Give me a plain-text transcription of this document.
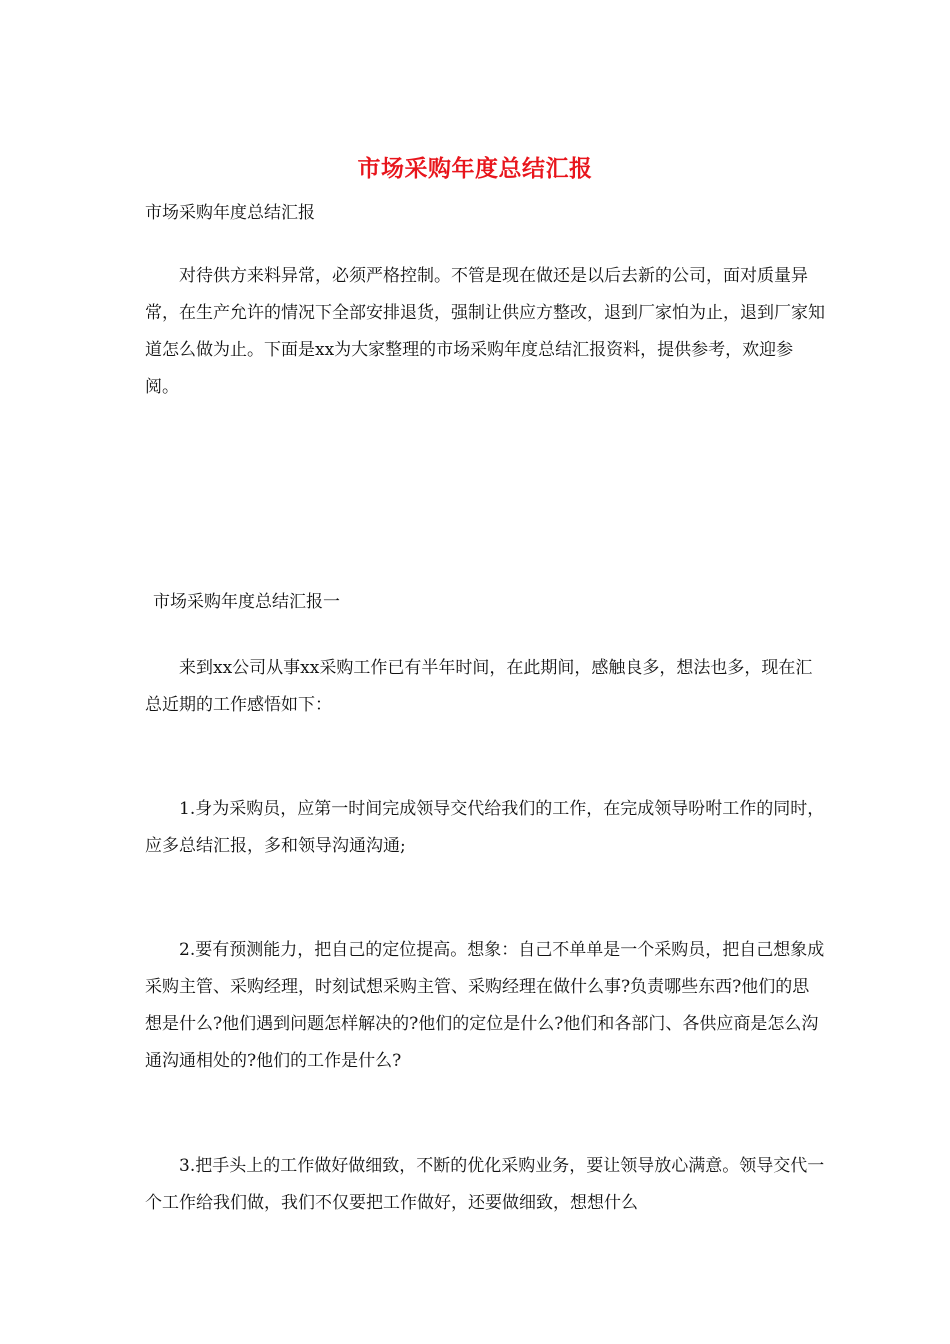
市场采购年度总结汇报
市场采购年度总结汇报

对待供方来料异常，必须严格控制。不管是现在做还是以后去新的公司，面对质量异常，在生产允许的情况下全部安排退货，强制让供应方整改，退到厂家怕为止，退到厂家知道怎么做为止。下面是xx为大家整理的市场采购年度总结汇报资料，提供参考，欢迎参阅。

市场采购年度总结汇报一

来到xx公司从事xx采购工作已有半年时间，在此期间，感触良多，想法也多，现在汇总近期的工作感悟如下：

1.身为采购员，应第一时间完成领导交代给我们的工作，在完成领导吩咐工作的同时，应多总结汇报，多和领导沟通沟通;

2.要有预测能力，把自己的定位提高。想象：自己不单单是一个采购员，把自己想象成采购主管、采购经理，时刻试想采购主管、采购经理在做什么事?负责哪些东西?他们的思想是什么?他们遇到问题怎样解决的?他们的定位是什么?他们和各部门、各供应商是怎么沟通沟通相处的?他们的工作是什么?

3.把手头上的工作做好做细致，不断的优化采购业务，要让领导放心满意。领导交代一个工作给我们做，我们不仅要把工作做好，还要做细致，想想什么
